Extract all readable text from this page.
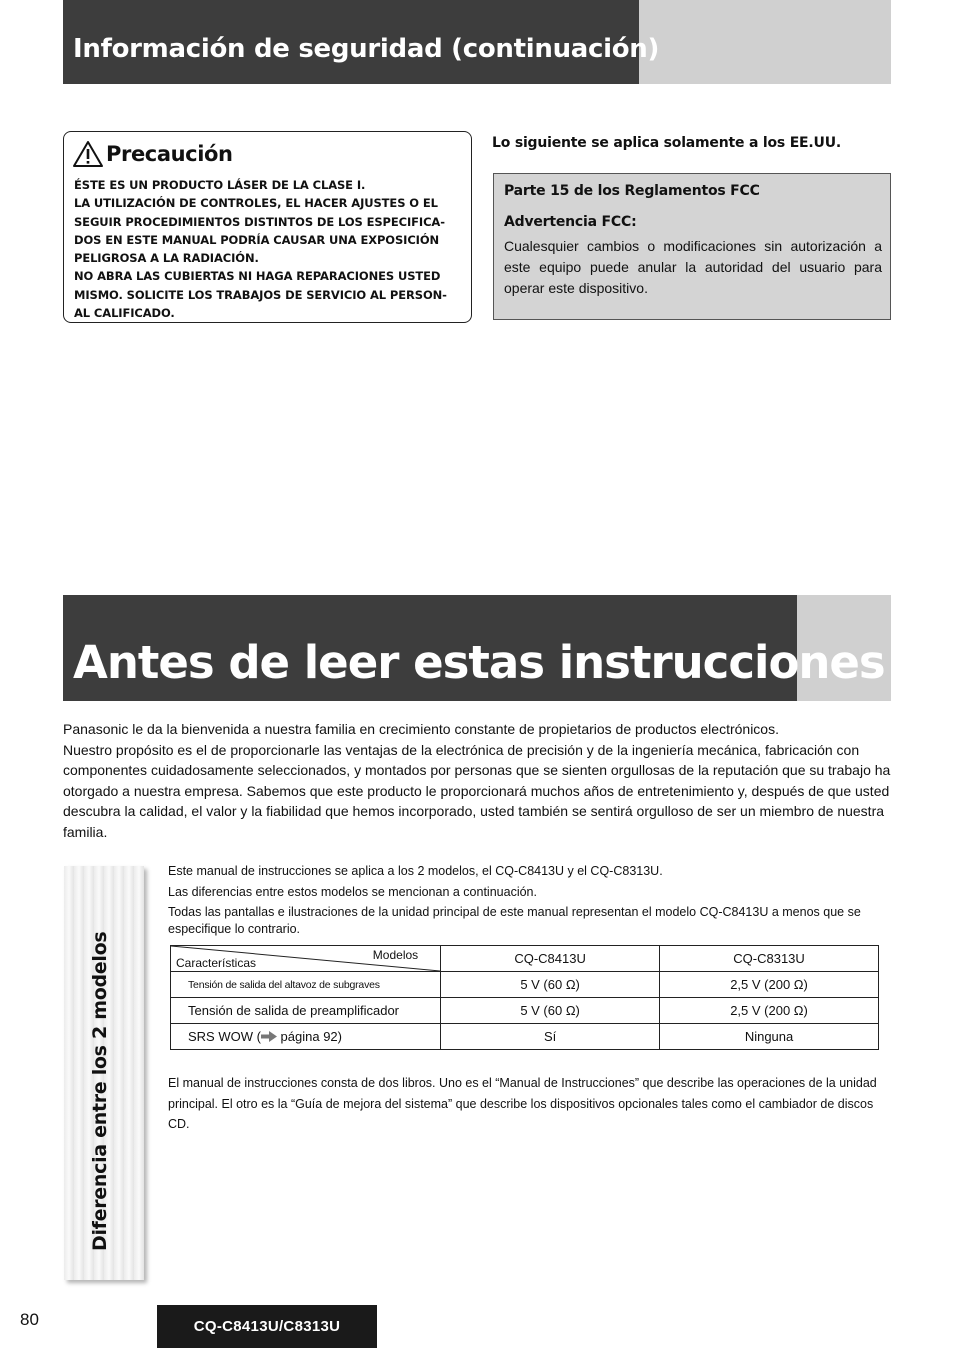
Información de seguridad (continuación)
Precaución
ÉSTE ES UN PRODUCTO LÁSER DE LA CLASE I.
LA UTILIZACIÓN DE CONTROLES, EL HACER AJUSTES O EL
SEGUIR PROCEDIMIENTOS DISTINTOS DE LOS ESPECIFICA-
DOS EN ESTE MANUAL PODRÍA CAUSAR UNA EXPOSICIÓN
PELIGROSA A LA RADIACIÓN.
NO ABRA LAS CUBIERTAS NI HAGA REPARACIONES USTED
MISMO. SOLICITE LOS TRABAJOS DE SERVICIO AL PERSON-
AL CALIFICADO.
Lo siguiente se aplica solamente a los EE.UU.
Parte 15 de los Reglamentos FCC
Advertencia FCC:
Cualesquier cambios o modificaciones sin autorización a este equipo puede anular la autoridad del usuario para operar este dispositivo.
Antes de leer estas instrucciones

Panasonic le da la bienvenida a nuestra familia en crecimiento constante de propietarios de productos electrónicos.

Nuestro propósito es el de proporcionarle las ventajas de la electrónica de precisión y de la ingeniería mecánica, fabricación con componentes cuidadosamente seleccionados, y montados por personas que se sienten orgullosas de la reputación que su trabajo ha otorgado a nuestra empresa. Sabemos que este producto le proporcionará muchos años de entretenimiento y, después de que usted descubra la calidad, el valor y la fiabilidad que hemos incorporado, usted también se sentirá orgulloso de ser un miembro de nuestra familia.

Diferencia entre los 2 modelos

Este manual de instrucciones se aplica a los 2 modelos, el CQ-C8413U y el CQ-C8313U.

Las diferencias entre estos modelos se mencionan a continuación.

Todas las pantallas e ilustraciones de la unidad principal de este manual representan el modelo CQ-C8413U a menos que se especifique lo contrario.

Modelos
Características	CQ-C8413U	CQ-C8313U
Tensión de salida del altavoz de subgraves	5 V (60 Ω)	2,5 V (200 Ω)
Tensión de salida de preamplificador	5 V (60 Ω)	2,5 V (200 Ω)
SRS WOW ( página 92)	Sí	Ninguna
El manual de instrucciones consta de dos libros. Uno es el “Manual de Instrucciones” que describe las operaciones de la unidad principal. El otro es la “Guía de mejora del sistema” que describe los dispositivos opcionales tales como el cambiador de discos CD.
80	CQ-C8413U/C8313U
